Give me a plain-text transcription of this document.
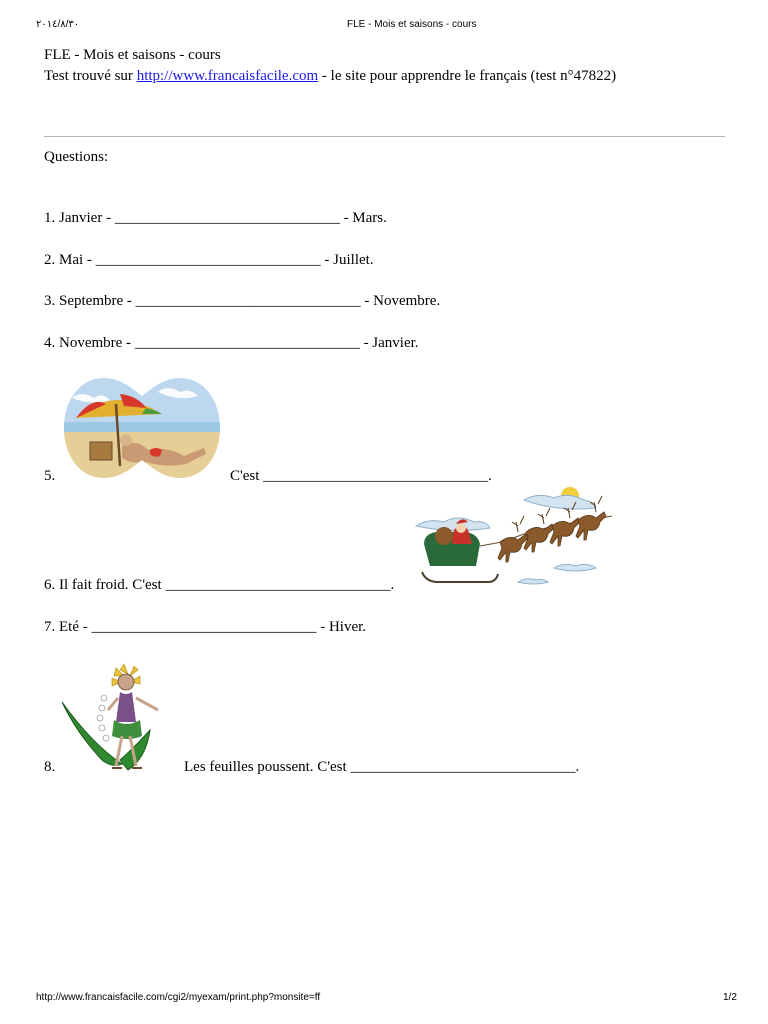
٢٠١٤/٨/٣٠	FLE - Mois et saisons - cours
FLE - Mois et saisons - cours
Test trouvé sur http://www.francaisfacile.com - le site pour apprendre le français (test n°47822)
Questions:
1. Janvier - ______________________________ - Mars.
2. Mai - ______________________________ - Juillet.
3. Septembre - ______________________________ - Novembre.
4. Novembre - ______________________________ - Janvier.
5.	C'est ______________________________.
6. Il fait froid. C'est ______________________________.
7. Eté - ______________________________ - Hiver.
8.	Les feuilles poussent. C'est ______________________________.
http://www.francaisfacile.com/cgi2/myexam/print.php?monsite=ff	1/2
